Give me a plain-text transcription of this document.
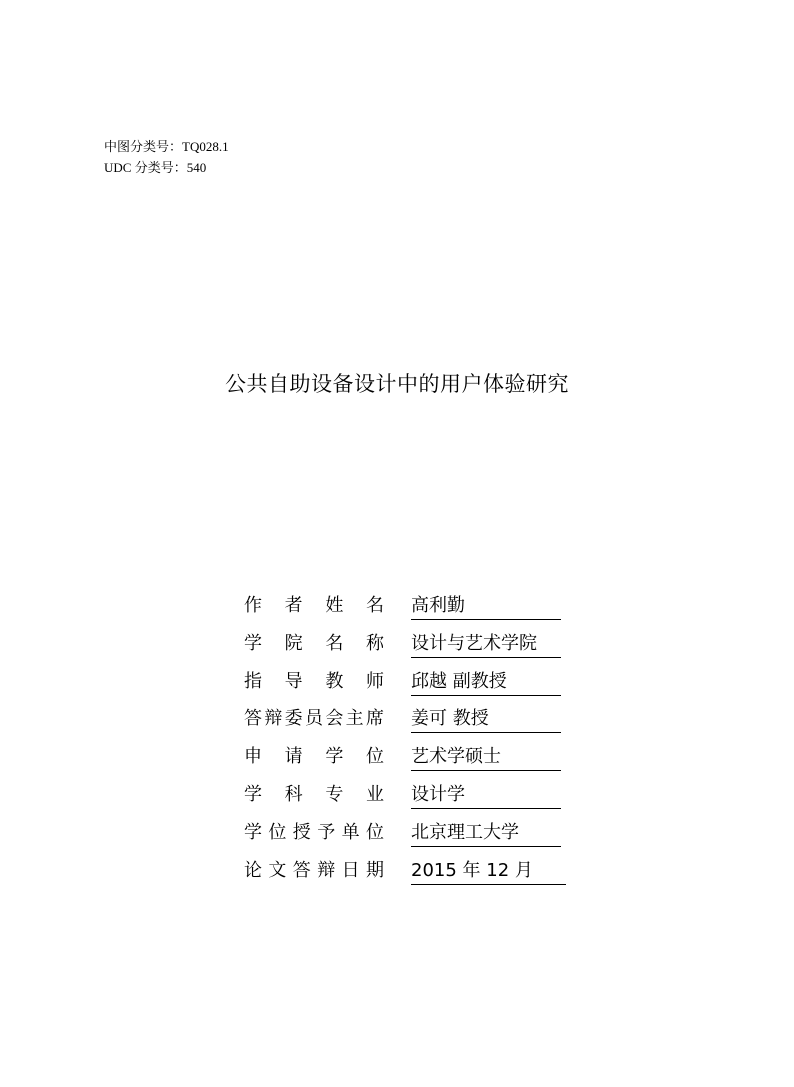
中图分类号：TQ028.1
UDC 分类号：540
公共自助设备设计中的用户体验研究
作者姓名 高利勤
学院名称 设计与艺术学院
指导教师 邱越 副教授
答辩委员会主席 姜可 教授
申请学位 艺术学硕士
学科专业 设计学
学位授予单位 北京理工大学
论文答辩日期 2015 年 12 月
